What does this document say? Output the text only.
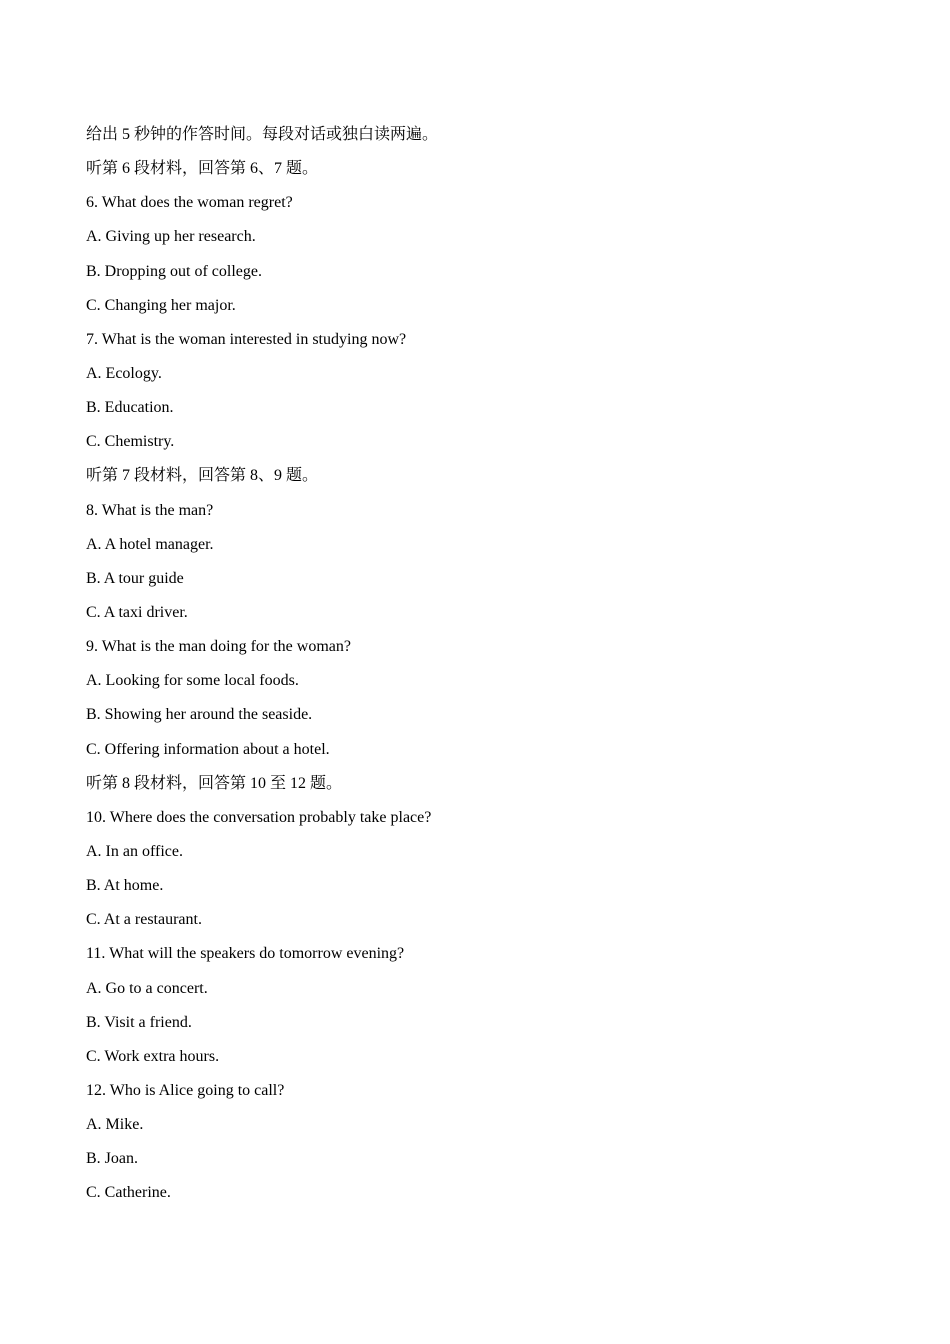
给出 5 秒钟的作答时间。每段对话或独白读两遍。
听第 6 段材料，回答第 6、7 题。
6. What does the woman regret?
A. Giving up her research.
B. Dropping out of college.
C. Changing her major.
7. What is the woman interested in studying now?
A. Ecology.
B. Education.
C. Chemistry.
听第 7 段材料，回答第 8、9 题。
8. What is the man?
A. A hotel manager.
B. A tour guide
C. A taxi driver.
9. What is the man doing for the woman?
A. Looking for some local foods.
B. Showing her around the seaside.
C. Offering information about a hotel.
听第 8 段材料，回答第 10 至 12 题。
10. Where does the conversation probably take place?
A. In an office.
B. At home.
C. At a restaurant.
11. What will the speakers do tomorrow evening?
A. Go to a concert.
B. Visit a friend.
C. Work extra hours.
12. Who is Alice going to call?
A. Mike.
B. Joan.
C. Catherine.
